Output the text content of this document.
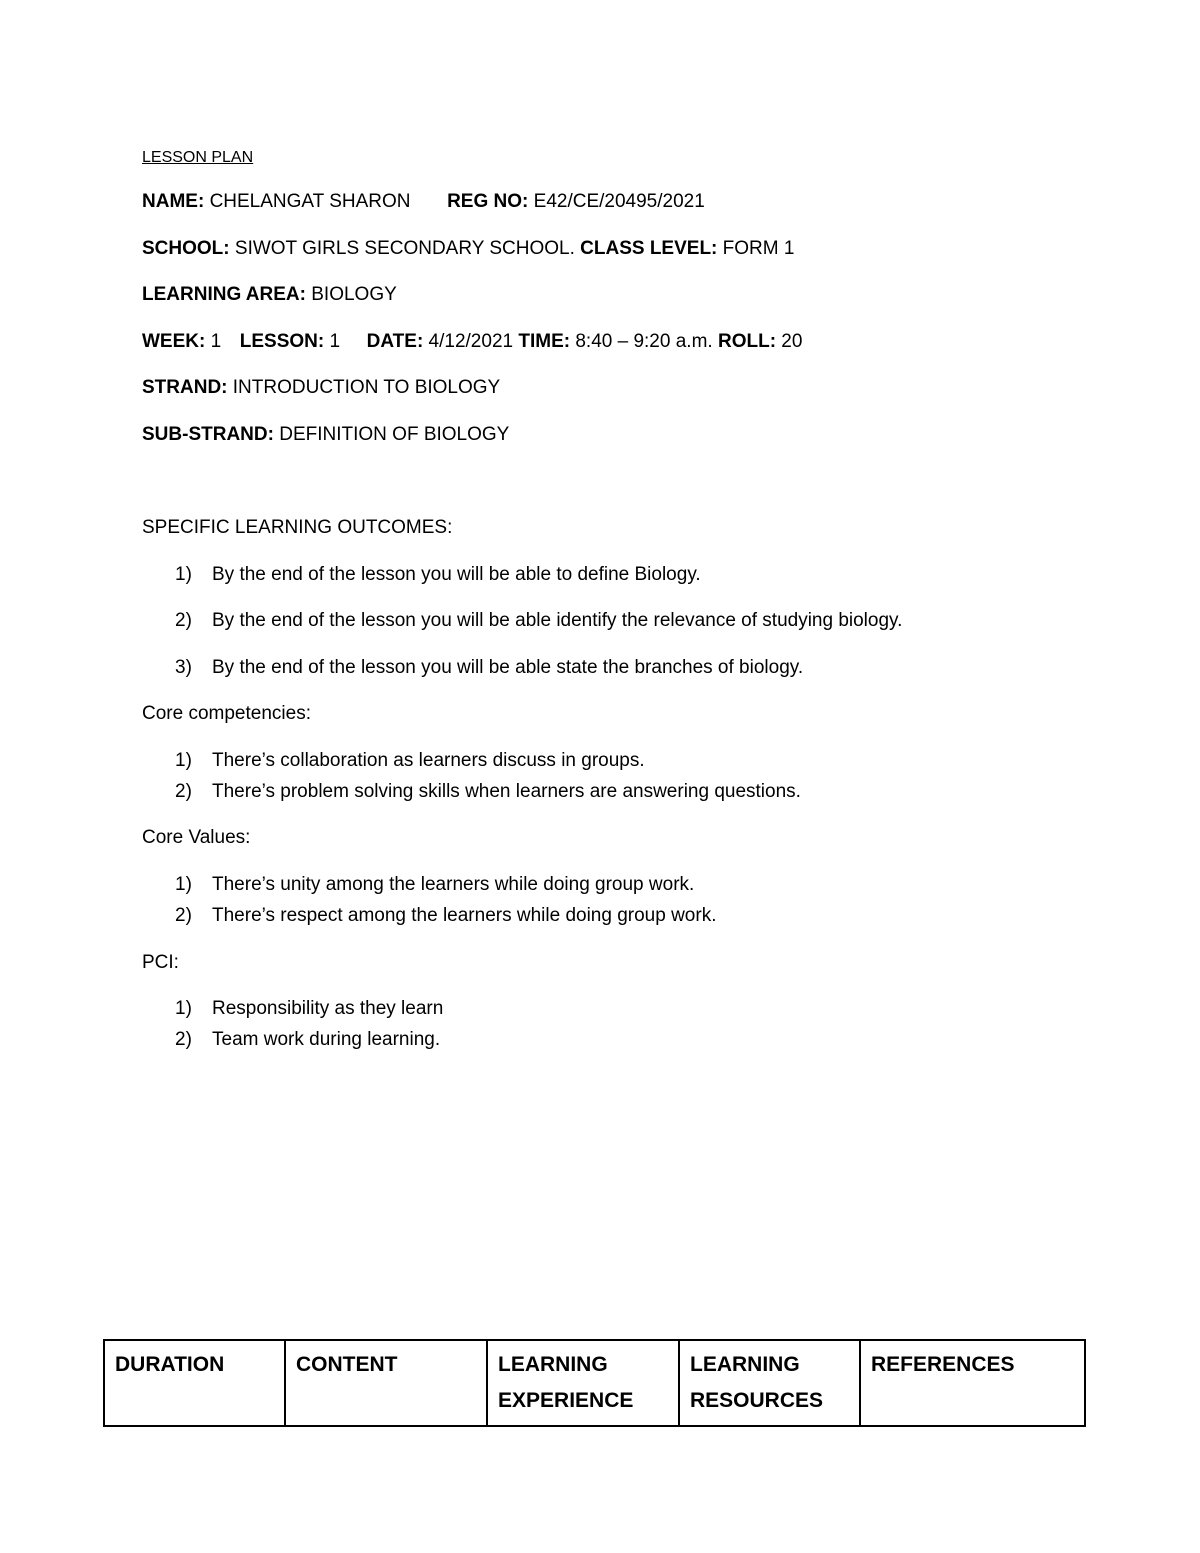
LESSON PLAN
NAME: CHELANGAT SHARON REG NO: E42/CE/20495/2021
SCHOOL: SIWOT GIRLS SECONDARY SCHOOL. CLASS LEVEL: FORM 1
LEARNING AREA: BIOLOGY
WEEK: 1 LESSON: 1 DATE: 4/12/2021 TIME: 8:40 – 9:20 a.m. ROLL: 20
STRAND: INTRODUCTION TO BIOLOGY
SUB-STRAND: DEFINITION OF BIOLOGY
SPECIFIC LEARNING OUTCOMES:
1) By the end of the lesson you will be able to define Biology.
2) By the end of the lesson you will be able identify the relevance of studying biology.
3) By the end of the lesson you will be able state the branches of biology.
Core competencies:
1) There’s collaboration as learners discuss in groups.
2) There’s problem solving skills when learners are answering questions.
Core Values:
1) There’s unity among the learners while doing group work.
2) There’s respect among the learners while doing group work.
PCI:
1) Responsibility as they learn
2) Team work during learning.
DURATION	CONTENT	LEARNING EXPERIENCE	LEARNING RESOURCES	REFERENCES
